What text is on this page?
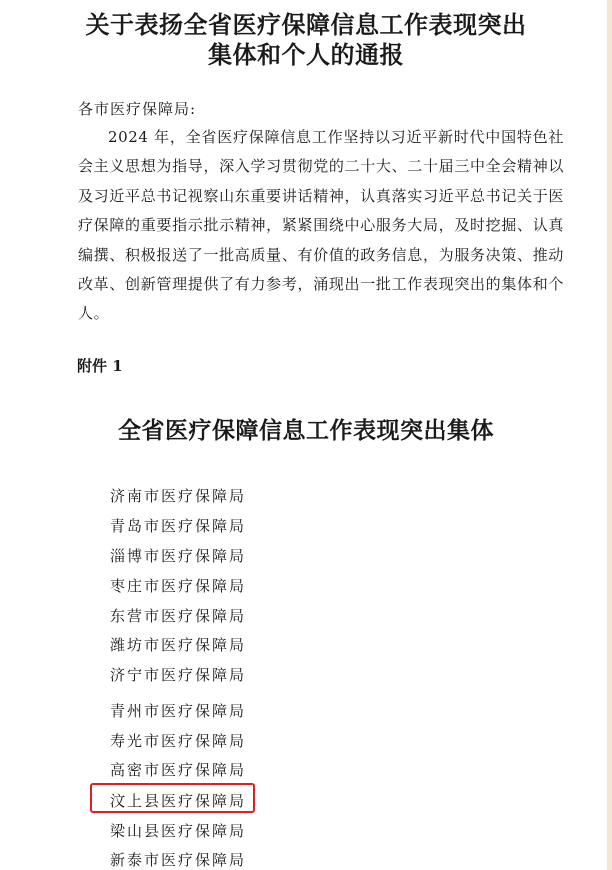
关于表扬全省医疗保障信息工作表现突出
集体和个人的通报
各市医疗保障局:
2024 年，全省医疗保障信息工作坚持以习近平新时代中国特色社会主义思想为指导，深入学习贯彻党的二十大、二十届三中全会精神以及习近平总书记视察山东重要讲话精神，认真落实习近平总书记关于医疗保障的重要指示批示精神，紧紧围绕中心服务大局，及时挖掘、认真编撰、积极报送了一批高质量、有价值的政务信息，为服务决策、推动改革、创新管理提供了有力参考，涌现出一批工作表现突出的集体和个人。
附件 1
全省医疗保障信息工作表现突出集体
济南市医疗保障局
青岛市医疗保障局
淄博市医疗保障局
枣庄市医疗保障局
东营市医疗保障局
潍坊市医疗保障局
济宁市医疗保障局
青州市医疗保障局
寿光市医疗保障局
高密市医疗保障局
汶上县医疗保障局
梁山县医疗保障局
新泰市医疗保障局
